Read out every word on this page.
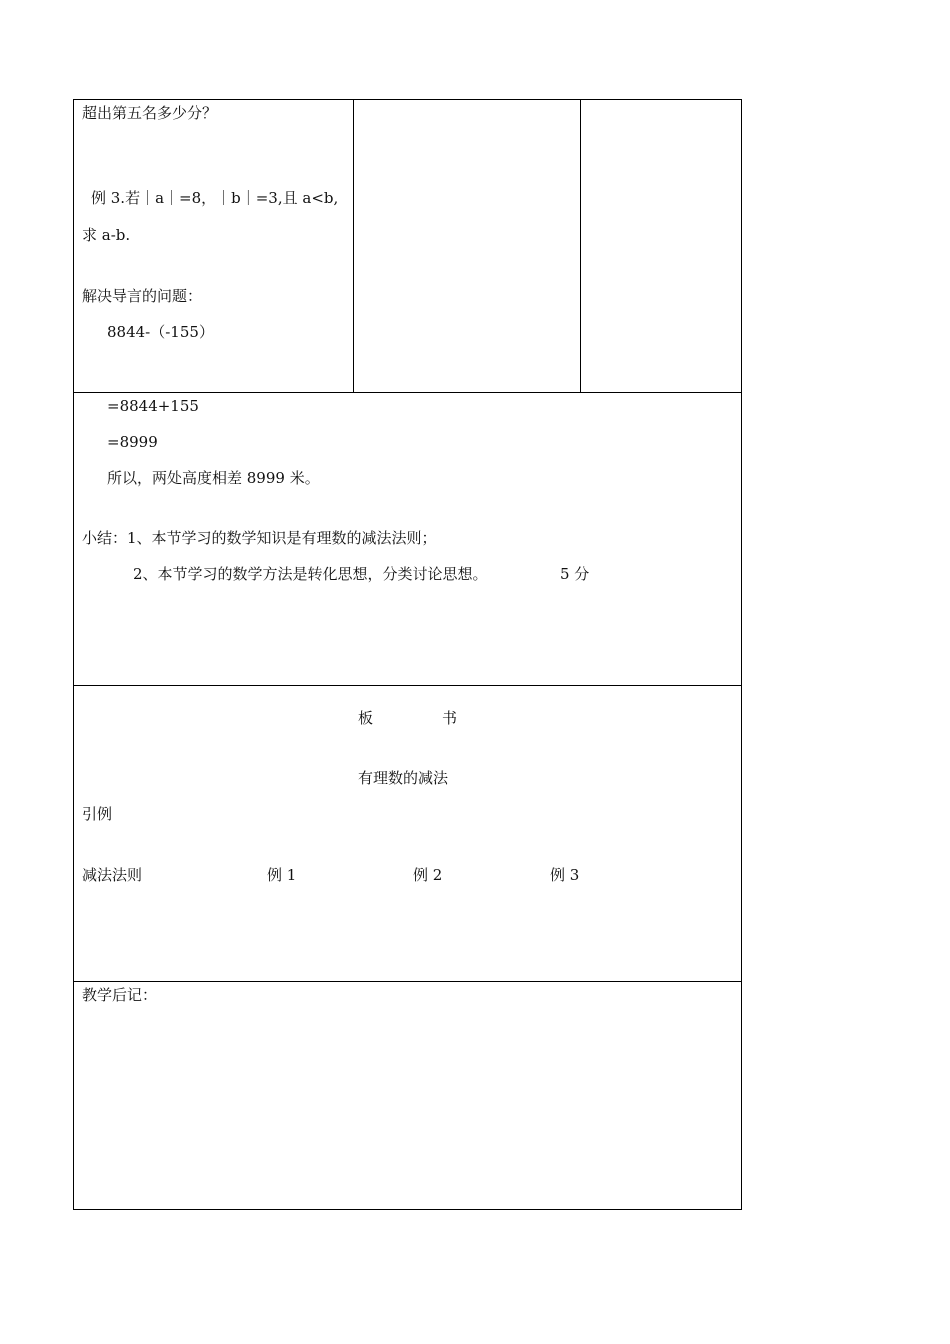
超出第五名多少分？
例 3.若｜a｜=8，｜b｜=3,且 a<b,
求 a-b.
解决导言的问题：
8844-（-155）
=8844+155
=8999
所以，两处高度相差 8999 米。
小结：1、本节学习的数学知识是有理数的减法法则；
2、本节学习的数学方法是转化思想，分类讨论思想。	5 分
板	书
有理数的减法
引例
减法法则	例 1	例 2	例 3
教学后记：
